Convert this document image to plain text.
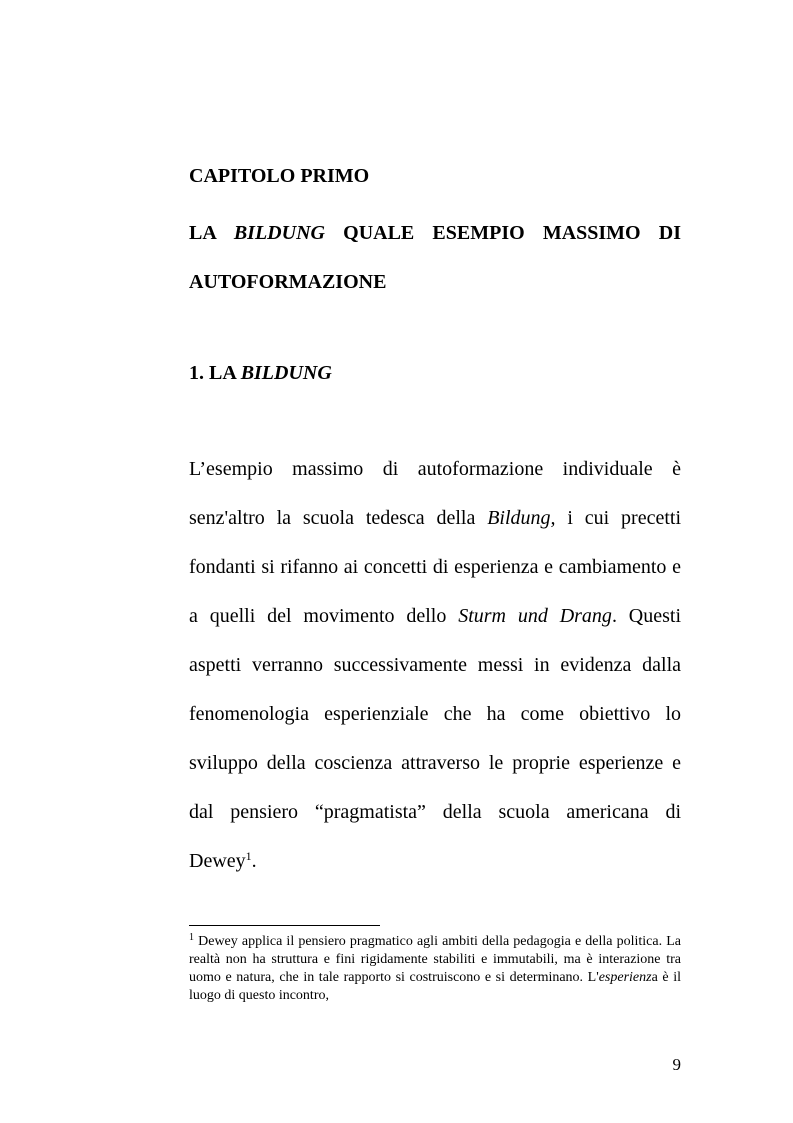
CAPITOLO PRIMO

LA BILDUNG QUALE ESEMPIO MASSIMO DI AUTOFORMAZIONE

1. LA BILDUNG

L’esempio massimo di autoformazione individuale è senz'altro la scuola tedesca della Bildung, i cui precetti fondanti si rifanno ai concetti di esperienza e cambiamento e a quelli del movimento dello Sturm und Drang. Questi aspetti verranno successivamente messi in evidenza dalla fenomenologia esperienziale che ha come obiettivo lo sviluppo della coscienza attraverso le proprie esperienze e dal pensiero “pragmatista” della scuola americana di Dewey$^1$.

$^1$ Dewey applica il pensiero pragmatico agli ambiti della pedagogia e della politica. La realtà non ha struttura e fini rigidamente stabiliti e immutabili, ma è interazione tra uomo e natura, che in tale rapporto si costruiscono e si determinano. L'esperienza è il luogo di questo incontro,

9
